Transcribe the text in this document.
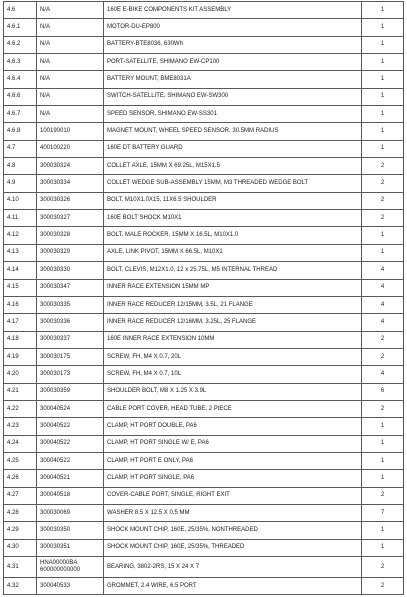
4.6	N/A	160E E-BIKE COMPONENTS KIT ASSEMBLY	1
4.6.1	N/A	MOTOR-DU-EP800	1
4.6.2	N/A	BATTERY-BTE8036, 630Wh	1
4.6.3	N/A	PORT-SATELLITE, SHIMANO EW-CP100	1
4.6.4	N/A	BATTERY MOUNT, BME8031A	1
4.6.6	N/A	SWITCH-SATELLITE, SHIMANO EW-SW300	1
4.6.7	N/A	SPEED SENSOR, SHIMANO EW-SS301	1
4.6.8	100190010	MAGNET MOUNT, WHEEL SPEED SENSOR, 30.5MM RADIUS	1
4.7	400100220	160E DT BATTERY GUARD	1
4.8	300030324	COLLET AXLE, 15MM X 69.25L, M15X1.5	2
4.9	300030334	COLLET WEDGE SUB-ASSEMBLY 15MM, M3 THREADED WEDGE BOLT	2
4.10	300030326	BOLT, M10X1.0X15, 11X6.5 SHOULDER	2
4.11	300030327	160E BOLT SHOCK M10X1	2
4.12	300030328	BOLT, MALE ROCKER, 15MM X 16.5L, M10X1.0	1
4.13	300030329	AXLE, LINK PIVOT, 15MM X 66.5L, M10X1	1
4.14	300030330	BOLT, CLEVIS, M12X1.0, 12 x 25.75L, M5 INTERNAL THREAD	4
4.15	300030347	INNER RACE EXTENSION 15MM MP	4
4.16	300030335	INNER RACE REDUCER 12/15MM, 3.5L, 21 FLANGE	4
4.17	300030336	INNER RACE REDUCER 12/16MM, 3.25L, 25 FLANGE	4
4.18	300030337	160E INNER RACE EXTENSION 10MM	2
4.19	300030175	SCREW, FH, M4 X 0.7, 20L	2
4.20	300030173	SCREW, FH, M4 X 0.7, 10L	4
4.21	300030359	SHOULDER BOLT, M8 X 1.25 X 3.9L	6
4.22	300040524	CABLE PORT COVER, HEAD TUBE, 2 PIECE	2
4.23	300040522	CLAMP, HT PORT DOUBLE, PA6	1
4.24	300040522	CLAMP, HT PORT SINGLE W/ E, PA6	1
4.25	300040522	CLAMP, HT PORT E ONLY, PA6	1
4.26	300040521	CLAMP, HT PORT SINGLE, PA6	1
4.27	300040518	COVER-CABLE PORT, SINGLE, RIGHT EXIT	2
4.28	300030069	WASHER 8.5 X 12.5 X 0.5 MM	7
4.29	300030350	SHOCK MOUNT CHIP, 160E, 25/35%, NONTHREADED	1
4.30	300030351	SHOCK MOUNT CHIP, 160E, 25/35%, THREADED	1
4.31	HNA00000BA 600000000000	BEARING, 3802-2RS, 15 X 24 X 7	2
4.32	300040533	GROMMET, 2.4 WIRE, 6.5 PORT	2
